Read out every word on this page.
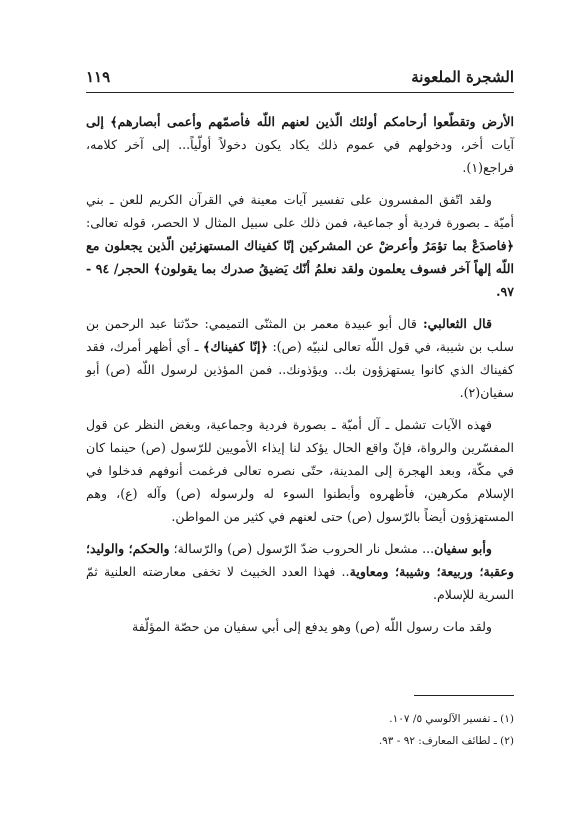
الشجرة الملعونة
١١٩

الأرض وتقطّعوا أرحامكم أولئك الّذين لعنهم اللّه فأصمّهم وأعمى أبصارهم﴾ إلى آيات أخر، ودخولهم في عموم ذلك يكاد يكون دخولاً أولّياً... إلى آخر كلامه، فراجع(١).

ولقد اتّفق المفسرون على تفسير آيات معينة في القرآن الكريم للعن ـ بني أميّة ـ بصورة فردية أو جماعية، فمن ذلك على سبيل المثال لا الحصر، قوله تعالى: ﴿فاصدَعْ بما تؤمَرُ وأعرضْ عن المشركين إنّا كفيناك المستهزئين الّذين يجعلون مع اللّه إلهاً آخر فسوف يعلمون ولقد نعلمُ أنّك يَضيقُ صدرك بما يقولون﴾ الحجر/ ٩٤ - ٩٧.

قال الثعالبي: قال أبو عبيدة معمر بن المثنّى التميمي: حدّثنا عبد الرحمن بن سلب بن شيبة، في قول اللّه تعالى لنبيّه (ص): ﴿إنّا كفيناك﴾ ـ أي أظهر أمرك، فقد كفيناك الذي كانوا يستهزؤون بك.. ويؤذونك.. فمن المؤذين لرسول اللّه (ص) أبو سفيان(٢).

فهذه الآيات تشمل ـ آل أميّة ـ بصورة فردية وجماعية، وبغض النظر عن قول المفسّرين والرواة، فإنّ واقع الحال يؤكد لنا إيذاء الأمويين للرّسول (ص) حينما كان في مكّة، وبعد الهجرة إلى المدينة، حتّى نصره تعالى فرغمت أنوفهم فدخلوا في الإسلام مكرهين، فأظهروه وأبطنوا السوء له ولرسوله (ص) وآله (ع)، وهم المستهزؤون أيضاً بالرّسول (ص) حتى لعنهم في كثير من المواطن.

وأبو سفيان... مشعل نار الحروب ضدّ الرّسول (ص) والرّسالة؛ والحكم؛ والوليد؛ وعقبة؛ وربيعة؛ وشيبة؛ ومعاوية.. فهذا العدد الخبيث لا تخفى معارضته العلنية ثمّ السرية للإسلام.

ولقد مات رسول اللّه (ص) وهو يدفع إلى أبي سفيان من حصّة المؤلّفة

(١) ـ تفسير الآلوسي ٥/ ١٠٧.
(٢) ـ لطائف المعارف: ٩٢ - ٩٣.
